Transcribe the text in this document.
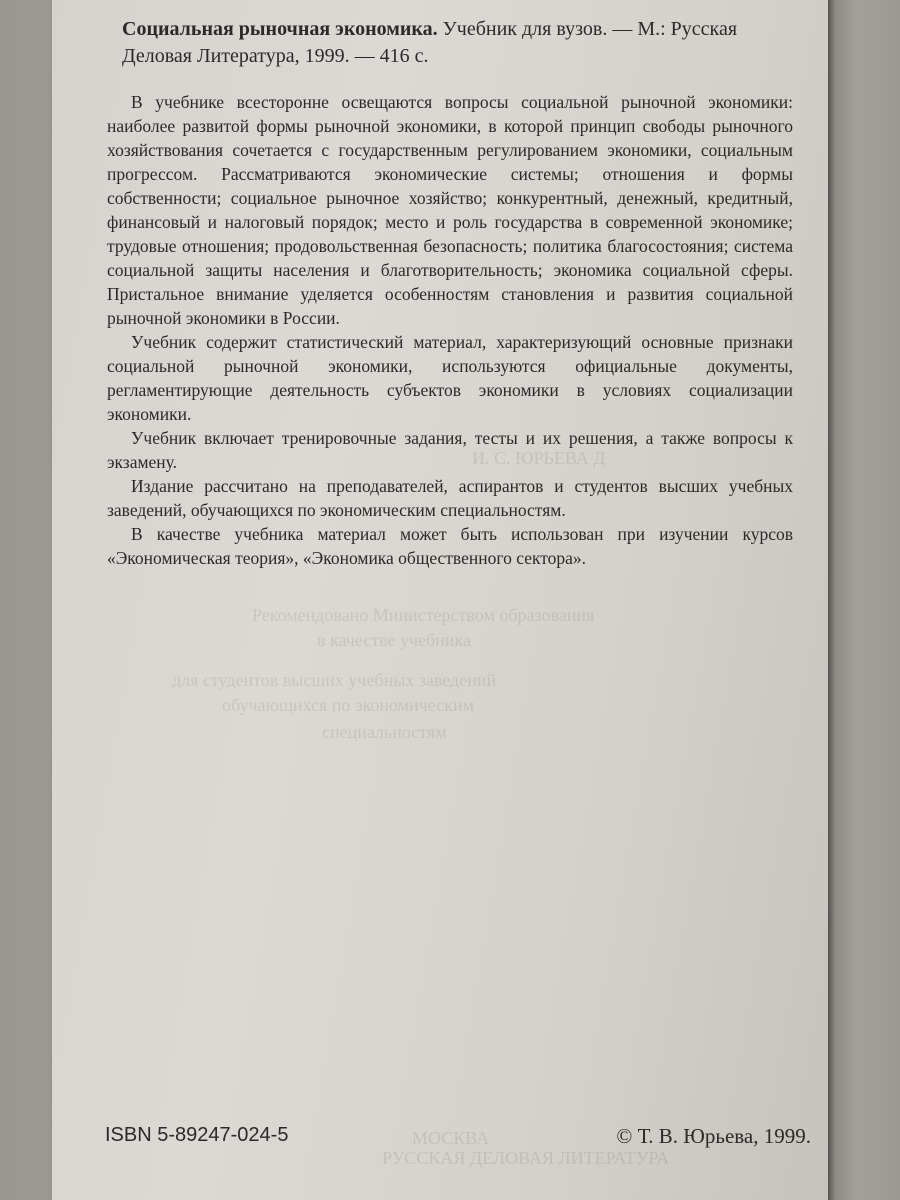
И. С. ЮРЬЕВА Д
Рекомендовано Министерством образования
в качестве учебника
для студентов высших учебных заведений
обучающихся по экономическим
специальностям
МОСКВА
РУССКАЯ ДЕЛОВАЯ ЛИТЕРАТУРА
Социальная рыночная экономика. Учебник для вузов. — М.: Русская Деловая Литература, 1999. — 416 с.

В учебнике всесторонне освещаются вопросы социальной рыночной экономики: наиболее развитой формы рыночной экономики, в которой принцип свободы рыночного хозяйствования сочетается с государственным регулированием экономики, социальным прогрессом. Рассматриваются экономические системы; отношения и формы собственности; социальное рыночное хозяйство; конкурентный, денежный, кредитный, финансовый и налоговый порядок; место и роль государства в современной экономике; трудовые отношения; продовольственная безопасность; политика благосостояния; система социальной защиты населения и благотворительность; экономика социальной сферы. Пристальное внимание уделяется особенностям становления и развития социальной рыночной экономики в России.

Учебник содержит статистический материал, характеризующий основные признаки социальной рыночной экономики, используются официальные документы, регламентирующие деятельность субъектов экономики в условиях социализации экономики.

Учебник включает тренировочные задания, тесты и их решения, а также вопросы к экзамену.

Издание рассчитано на преподавателей, аспирантов и студентов высших учебных заведений, обучающихся по экономическим специальностям.

В качестве учебника материал может быть использован при изучении курсов «Экономическая теория», «Экономика общественного сектора».

ISBN 5-89247-024-5	© Т. В. Юрьева, 1999.
